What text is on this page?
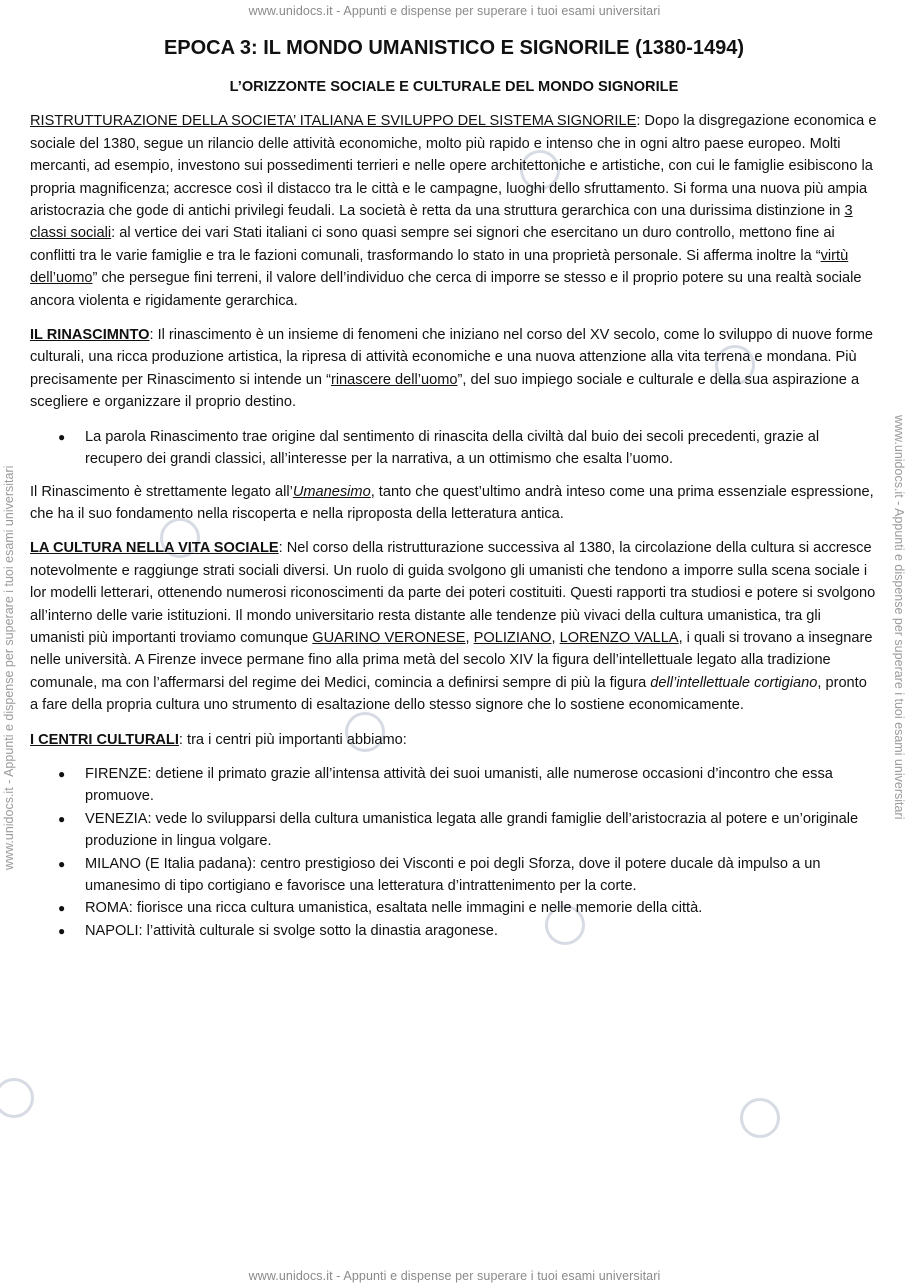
www.unidocs.it - Appunti e dispense per superare i tuoi esami universitari
www.unidocs.it - Appunti e dispense per superare i tuoi esami universitari	www.unidocs.it - Appunti e dispense per superare i tuoi esami universitari
EPOCA 3: IL MONDO UMANISTICO E SIGNORILE (1380-1494)
L’ORIZZONTE SOCIALE E CULTURALE DEL MONDO SIGNORILE

RISTRUTTURAZIONE DELLA SOCIETA’ ITALIANA E SVILUPPO DEL SISTEMA SIGNORILE: Dopo la disgregazione economica e sociale del 1380, segue un rilancio delle attività economiche, molto più rapido e intenso che in ogni altro paese europeo. Molti mercanti, ad esempio, investono sui possedimenti terrieri e nelle opere architettoniche e artistiche, con cui le famiglie esibiscono la propria magnificenza; accresce così il distacco tra le città e le campagne, luoghi dello sfruttamento. Si forma una nuova più ampia aristocrazia che gode di antichi privilegi feudali. La società è retta da una struttura gerarchica con una durissima distinzione in 3 classi sociali: al vertice dei vari Stati italiani ci sono quasi sempre sei signori che esercitano un duro controllo, mettono fine ai conflitti tra le varie famiglie e tra le fazioni comunali, trasformando lo stato in una proprietà personale. Si afferma inoltre la “virtù dell’uomo” che persegue fini terreni, il valore dell’individuo che cerca di imporre se stesso e il proprio potere su una realtà sociale ancora violenta e rigidamente gerarchica.

IL RINASCIMNTO: Il rinascimento è un insieme di fenomeni che iniziano nel corso del XV secolo, come lo sviluppo di nuove forme culturali, una ricca produzione artistica, la ripresa di attività economiche e una nuova attenzione alla vita terrena e mondana. Più precisamente per Rinascimento si intende un “rinascere dell’uomo”, del suo impiego sociale e culturale e della sua aspirazione a scegliere e organizzare il proprio destino.

● La parola Rinascimento trae origine dal sentimento di rinascita della civiltà dal buio dei secoli precedenti, grazie al recupero dei grandi classici, all’interesse per la narrativa, a un ottimismo che esalta l’uomo.

Il Rinascimento è strettamente legato all’Umanesimo, tanto che quest’ultimo andrà inteso come una prima essenziale espressione, che ha il suo fondamento nella riscoperta e nella riproposta della letteratura antica.

LA CULTURA NELLA VITA SOCIALE: Nel corso della ristrutturazione successiva al 1380, la circolazione della cultura si accresce notevolmente e raggiunge strati sociali diversi. Un ruolo di guida svolgono gli umanisti che tendono a imporre sulla scena sociale i lor modelli letterari, ottenendo numerosi riconoscimenti da parte dei poteri costituiti. Questi rapporti tra studiosi e potere si svolgono all’interno delle varie istituzioni. Il mondo universitario resta distante alle tendenze più vivaci della cultura umanistica, tra gli umanisti più importanti troviamo comunque GUARINO VERONESE, POLIZIANO, LORENZO VALLA, i quali si trovano a insegnare nelle università. A Firenze invece permane fino alla prima metà del secolo XIV la figura dell’intellettuale legato alla tradizione comunale, ma con l’affermarsi del regime dei Medici, comincia a definirsi sempre di più la figura dell’intellettuale cortigiano, pronto a fare della propria cultura uno strumento di esaltazione dello stesso signore che lo sostiene economicamente.

I CENTRI CULTURALI: tra i centri più importanti abbiamo:

● FIRENZE: detiene il primato grazie all’intensa attività dei suoi umanisti, alle numerose occasioni d’incontro che essa promuove.
● VENEZIA: vede lo svilupparsi della cultura umanistica legata alle grandi famiglie dell’aristocrazia al potere e un’originale produzione in lingua volgare.
● MILANO (E Italia padana): centro prestigioso dei Visconti e poi degli Sforza, dove il potere ducale dà impulso a un umanesimo di tipo cortigiano e favorisce una letteratura d’intrattenimento per la corte.
● ROMA: fiorisce una ricca cultura umanistica, esaltata nelle immagini e nelle memorie della città.
● NAPOLI: l’attività culturale si svolge sotto la dinastia aragonese.
www.unidocs.it - Appunti e dispense per superare i tuoi esami universitari
